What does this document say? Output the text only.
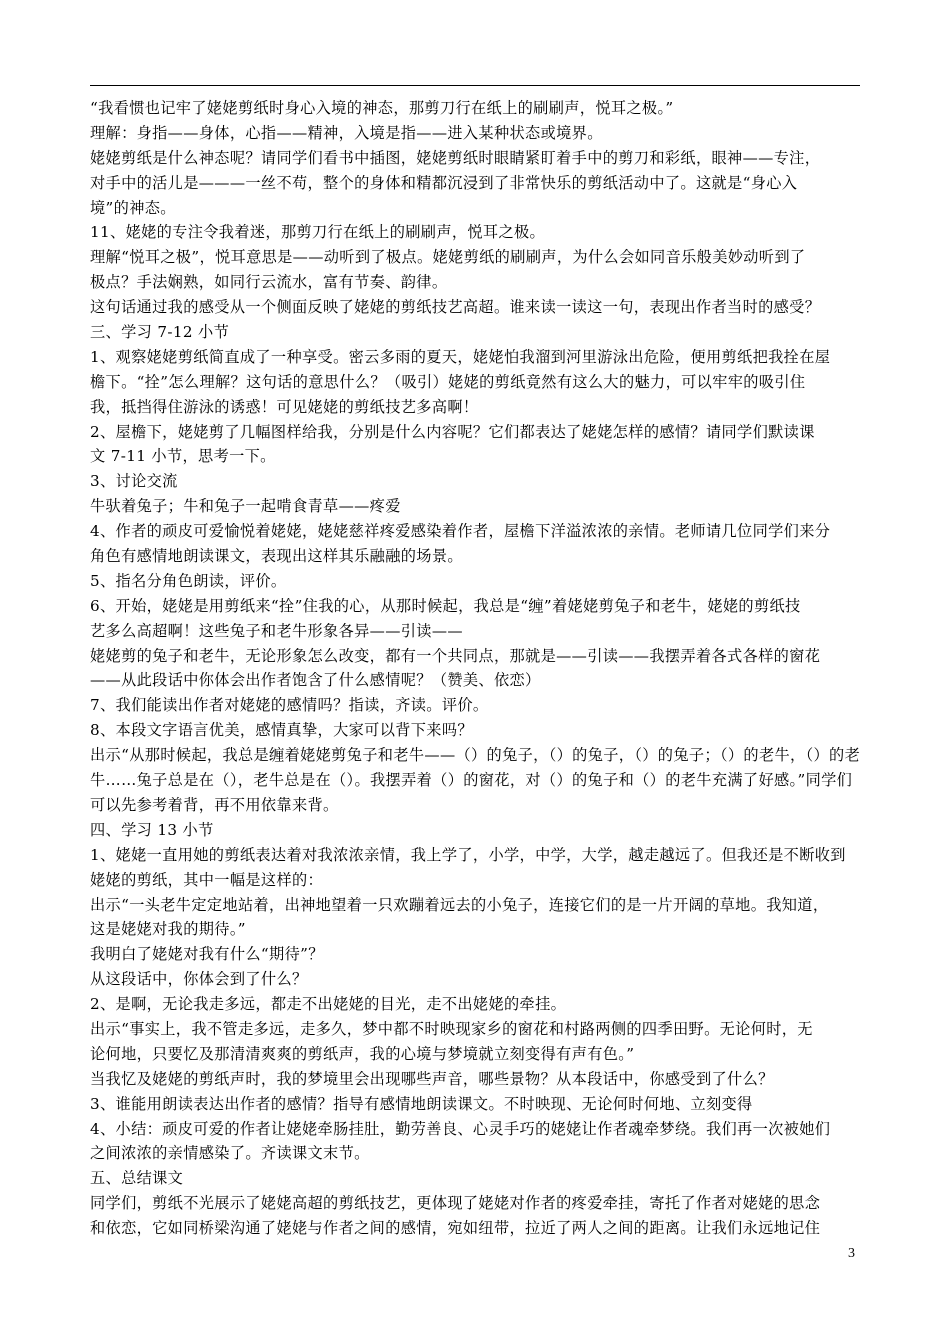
“我看惯也记牢了姥姥剪纸时身心入境的神态，那剪刀行在纸上的刷刷声，悦耳之极。”
理解：身指——身体，心指——精神，入境是指——进入某种状态或境界。
姥姥剪纸是什么神态呢？请同学们看书中插图，姥姥剪纸时眼睛紧盯着手中的剪刀和彩纸，眼神——专注，
对手中的活儿是———一丝不苟，整个的身体和精都沉浸到了非常快乐的剪纸活动中了。这就是“身心入
境”的神态。
11、姥姥的专注令我着迷，那剪刀行在纸上的刷刷声，悦耳之极。
理解“悦耳之极”，悦耳意思是——动听到了极点。姥姥剪纸的刷刷声，为什么会如同音乐般美妙动听到了
极点？手法娴熟，如同行云流水，富有节奏、韵律。
这句话通过我的感受从一个侧面反映了姥姥的剪纸技艺高超。谁来读一读这一句，表现出作者当时的感受？
三、学习 7-12 小节
1、观察姥姥剪纸简直成了一种享受。密云多雨的夏天，姥姥怕我溜到河里游泳出危险，便用剪纸把我拴在屋
檐下。“拴”怎么理解？这句话的意思什么？（吸引）姥姥的剪纸竟然有这么大的魅力，可以牢牢的吸引住
我，抵挡得住游泳的诱惑！可见姥姥的剪纸技艺多高啊！
2、屋檐下，姥姥剪了几幅图样给我，分别是什么内容呢？它们都表达了姥姥怎样的感情？请同学们默读课
文 7-11 小节，思考一下。
3、讨论交流
牛驮着兔子；牛和兔子一起啃食青草——疼爱
4、作者的顽皮可爱愉悦着姥姥，姥姥慈祥疼爱感染着作者，屋檐下洋溢浓浓的亲情。老师请几位同学们来分
角色有感情地朗读课文，表现出这样其乐融融的场景。
5、指名分角色朗读，评价。
6、开始，姥姥是用剪纸来“拴”住我的心，从那时候起，我总是“缠”着姥姥剪兔子和老牛，姥姥的剪纸技
艺多么高超啊！这些兔子和老牛形象各异——引读——
姥姥剪的兔子和老牛，无论形象怎么改变，都有一个共同点，那就是——引读——我摆弄着各式各样的窗花
——从此段话中你体会出作者饱含了什么感情呢？（赞美、依恋）
7、我们能读出作者对姥姥的感情吗？指读，齐读。评价。
8、本段文字语言优美，感情真挚，大家可以背下来吗？
出示“从那时候起，我总是缠着姥姥剪兔子和老牛——（）的兔子，（）的兔子，（）的兔子；（）的老牛，（）的老
牛……兔子总是在（），老牛总是在（）。我摆弄着（）的窗花，对（）的兔子和（）的老牛充满了好感。”同学们
可以先参考着背，再不用依靠来背。
四、学习 13 小节
1、姥姥一直用她的剪纸表达着对我浓浓亲情，我上学了，小学，中学，大学，越走越远了。但我还是不断收到
姥姥的剪纸，其中一幅是这样的：
出示“一头老牛定定地站着，出神地望着一只欢蹦着远去的小兔子，连接它们的是一片开阔的草地。我知道，
这是姥姥对我的期待。”
我明白了姥姥对我有什么“期待”？
从这段话中，你体会到了什么？
2、是啊，无论我走多远，都走不出姥姥的目光，走不出姥姥的牵挂。
出示“事实上，我不管走多远，走多久，梦中都不时映现家乡的窗花和村路两侧的四季田野。无论何时，无
论何地，只要忆及那清清爽爽的剪纸声，我的心境与梦境就立刻变得有声有色。”
当我忆及姥姥的剪纸声时，我的梦境里会出现哪些声音，哪些景物？从本段话中，你感受到了什么？
3、谁能用朗读表达出作者的感情？指导有感情地朗读课文。不时映现、无论何时何地、立刻变得
4、小结：顽皮可爱的作者让姥姥牵肠挂肚，勤劳善良、心灵手巧的姥姥让作者魂牵梦绕。我们再一次被她们
之间浓浓的亲情感染了。齐读课文末节。
五、总结课文
同学们，剪纸不光展示了姥姥高超的剪纸技艺，更体现了姥姥对作者的疼爱牵挂，寄托了作者对姥姥的思念
和依恋，它如同桥梁沟通了姥姥与作者之间的感情，宛如纽带，拉近了两人之间的距离。让我们永远地记住
3
